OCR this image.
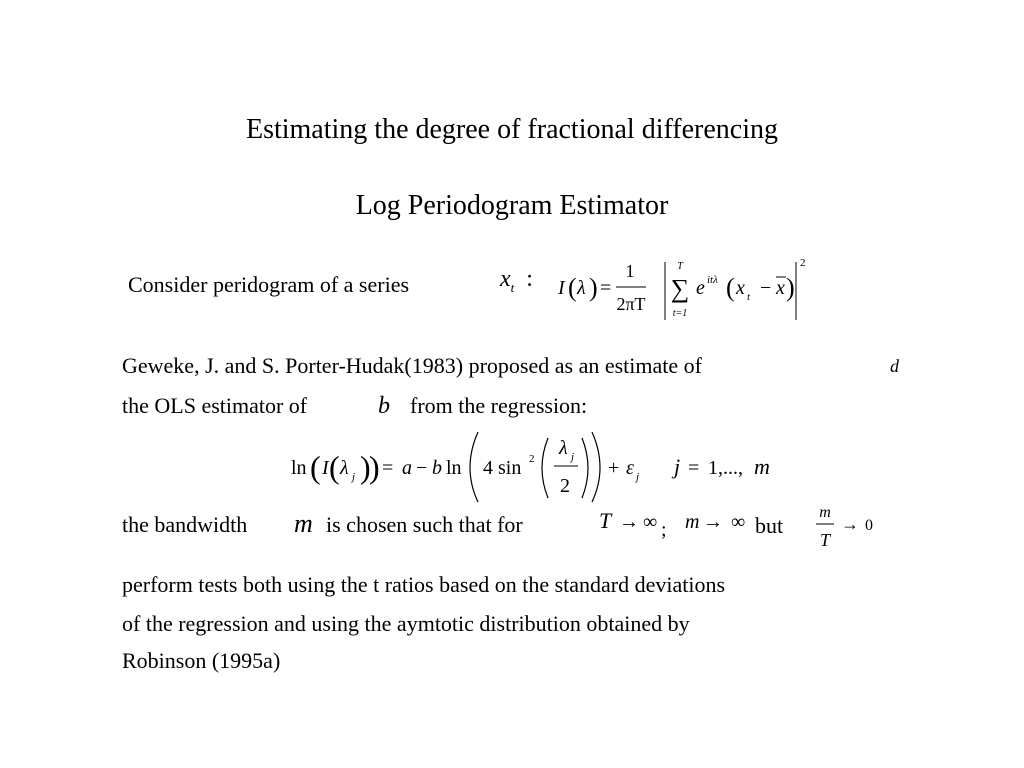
Estimating the degree of fractional differencing
Log Periodogram Estimator
Consider peridogram of a series	$x_t$ : I ( λ ) =
1
2πT
T
∑
t=1
e itλ ( x t − x )
2
Geweke, J. and S. Porter-Hudak(1983) proposed as an estimate of	d
the OLS estimator of	b from the regression:
ln ( I ( λ j )
) = a − b ln 4 sin 2 λ j
2
+ ε j j = 1,..., m
the bandwidth m is chosen such that for	T → ∞ ; m → ∞ but
m
T
→ 0
perform tests both using the t ratios based on the standard deviations
of the regression and using the aymtotic distribution obtained by
Robinson (1995a)
